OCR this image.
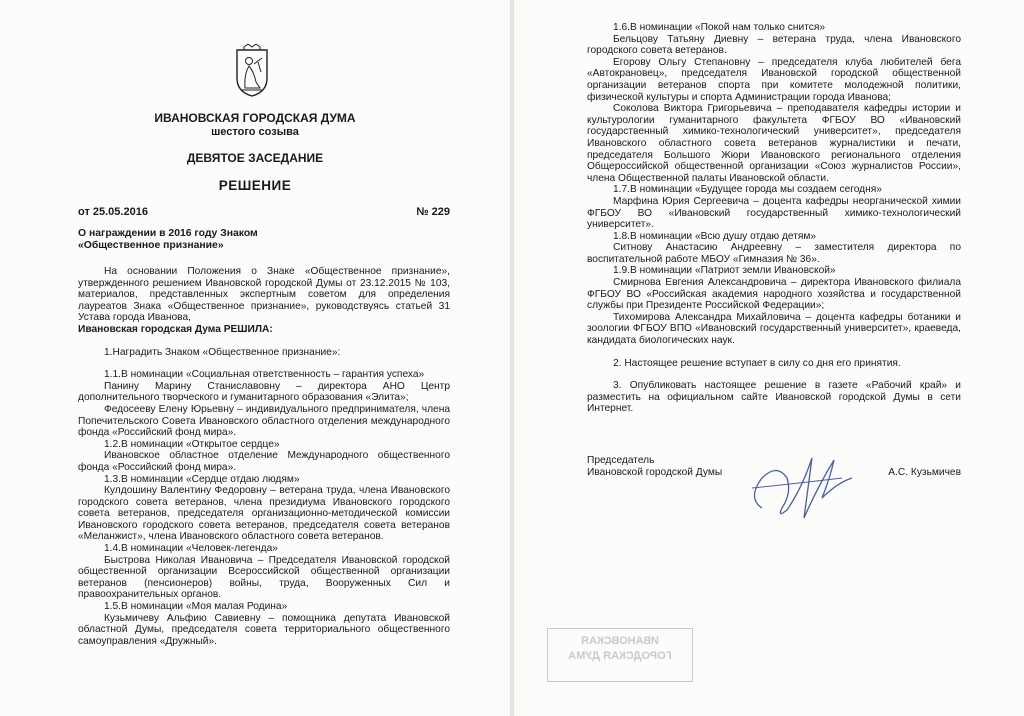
ИВАНОВСКАЯ ГОРОДСКАЯ ДУМА
шестого созыва
ДЕВЯТОЕ ЗАСЕДАНИЕ
РЕШЕНИЕ
от 25.05.2016	№ 229
О награждении в 2016 году Знаком
«Общественное признание»

На основании Положения о Знаке «Общественное признание», утвержденного решением Ивановской городской Думы от 23.12.2015 № 103, материалов, представленных экспертным советом для определения лауреатов Знака «Общественное признание», руководствуясь статьей 31 Устава города Иванова,

Ивановская городская Дума РЕШИЛА:

1.Наградить Знаком «Общественное признание»:

1.1.В номинации «Социальная ответственность – гарантия успеха»

Панину Марину Станиславовну – директора АНО Центр дополнительного творческого и гуманитарного образования «Элита»;

Федосееву Елену Юрьевну – индивидуального предпринимателя, члена Попечительского Совета Ивановского областного отделения международного фонда «Российский фонд мира».

1.2.В номинации «Открытое сердце»

Ивановское областное отделение Международного общественного фонда «Российский фонд мира».

1.3.В номинации «Сердце отдаю людям»

Кулдошину Валентину Федоровну – ветерана труда, члена Ивановского городского совета ветеранов, члена президиума Ивановского городского совета ветеранов, председателя организационно-методической комиссии Ивановского городского совета ветеранов, председателя совета ветеранов «Меланжист», члена Ивановского областного совета ветеранов.

1.4.В номинации «Человек-легенда»

Быстрова Николая Ивановича – Председателя Ивановской городской общественной организации Всероссийской общественной организации ветеранов (пенсионеров) войны, труда, Вооруженных Сил и правоохранительных органов.

1.5.В номинации «Моя малая Родина»

Кузьмичеву Альфию Савиевну – помощника депутата Ивановской областной Думы, председателя совета территориального общественного самоуправления «Дружный».

1.6.В номинации «Покой нам только снится»

Бельцову Татьяну Диевну – ветерана труда, члена Ивановского городского совета ветеранов.

Егорову Ольгу Степановну – председателя клуба любителей бега «Автокрановец», председателя Ивановской городской общественной организации ветеранов спорта при комитете молодежной политики, физической культуры и спорта Администрации города Иванова;

Соколова Виктора Григорьевича – преподавателя кафедры истории и культурологии гуманитарного факультета ФГБОУ ВО «Ивановский государственный химико-технологический университет», председателя Ивановского областного совета ветеранов журналистики и печати, председателя Большого Жюри Ивановского регионального отделения Общероссийской общественной организации «Союз журналистов России», члена Общественной палаты Ивановской области.

1.7.В номинации «Будущее города мы создаем сегодня»

Марфина Юрия Сергеевича – доцента кафедры неорганической химии ФГБОУ ВО «Ивановский государственный химико-технологический университет».

1.8.В номинации «Всю душу отдаю детям»

Ситнову Анастасию Андреевну – заместителя директора по воспитательной работе МБОУ «Гимназия № 36».

1.9.В номинации «Патриот земли Ивановской»

Смирнова Евгения Александровича – директора Ивановского филиала ФГБОУ ВО «Российская академия народного хозяйства и государственной службы при Президенте Российской Федерации»;

Тихомирова Александра Михайловича – доцента кафедры ботаники и зоологии ФГБОУ ВПО «Ивановский государственный университет», краеведа, кандидата биологических наук.

2. Настоящее решение вступает в силу со дня его принятия.

3. Опубликовать настоящее решение в газете «Рабочий край» и разместить на официальном сайте Ивановской городской Думы в сети Интернет.

Председатель
Ивановской городской Думы	А.С. Кузьмичев
ИВАНОВСКАЯ
ГОРОДСКАЯ ДУМА
